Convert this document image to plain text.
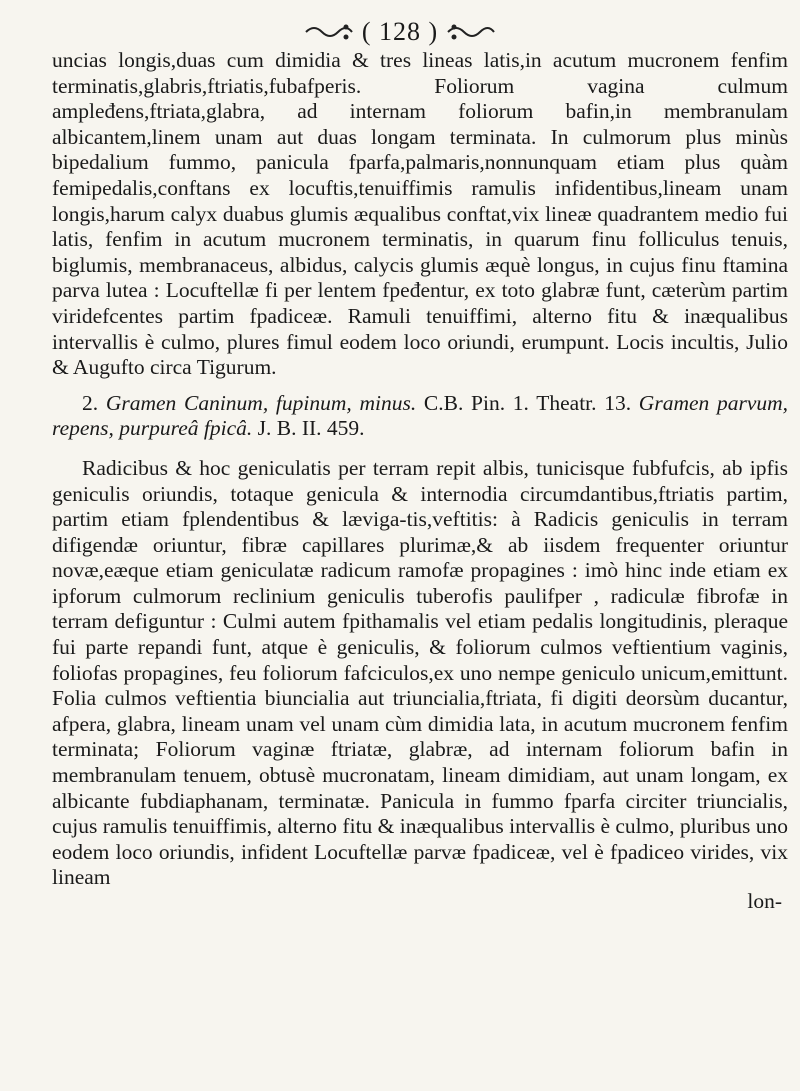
( 128 )

uncias longis,duas cum dimidia & tres lineas latis,in acutum mucronem fenfim terminatis,glabris,ftriatis,fubafperis. Foliorum vagina culmum ampleđens,ftriata,glabra, ad internam foliorum bafin,in membranulam albicantem,linem unam aut duas longam terminata. In culmorum plus minùs bipedalium fummo, panicula fparfa,palmaris,nonnunquam etiam plus quàm femipedalis,conftans ex locuftis,tenuiffimis ramulis infidentibus,lineam unam longis,harum calyx duabus glumis æqualibus conftat,vix lineæ quadrantem medio fui latis, fenfim in acutum mucronem terminatis, in quarum finu folliculus tenuis, biglumis, membranaceus, albidus, calycis glumis æquè longus, in cujus finu ftamina parva lutea : Locuftellæ fi per lentem fpeđentur, ex toto glabræ funt, cæterùm partim viridefcentes partim fpadiceæ. Ramuli tenuiffimi, alterno fitu & inæqualibus intervallis è culmo, plures fimul eodem loco oriundi, erumpunt. Locis incultis, Julio & Augufto circa Tigurum.

2. Gramen Caninum, fupinum, minus. C.B. Pin. 1. Theatr. 13. Gramen parvum, repens, purpureâ fpicâ. J. B. II. 459.

Radicibus & hoc geniculatis per terram repit albis, tunicisque fubfufcis, ab ipfis geniculis oriundis, totaque genicula & internodia circumdantibus,ftriatis partim, partim etiam fplendentibus & læviga-tis,veftitis: à Radicis geniculis in terram difigendæ oriuntur, fibræ capillares plurimæ,& ab iisdem frequenter oriuntur novæ,eæque etiam geniculatæ radicum ramofæ propagines : imò hinc inde etiam ex ipforum culmorum reclinium geniculis tuberofis paulifper , radiculæ fibrofæ in terram defiguntur : Culmi autem fpithamalis vel etiam pedalis longitudinis, pleraque fui parte repandi funt, atque è geniculis, & foliorum culmos veftientium vaginis, foliofas propagines, feu foliorum fafciculos,ex uno nempe geniculo unicum,emittunt. Folia culmos veftientia biuncialia aut triuncialia,ftriata, fi digiti deorsùm ducantur, afpera, glabra, lineam unam vel unam cùm dimidia lata, in acutum mucronem fenfim terminata; Foliorum vaginæ ftriatæ, glabræ, ad internam foliorum bafin in membranulam tenuem, obtusè mucronatam, lineam dimidiam, aut unam longam, ex albicante fubdiaphanam, terminatæ. Panicula in fummo fparfa circiter triuncialis, cujus ramulis tenuiffimis, alterno fitu & inæqualibus intervallis è culmo, pluribus uno eodem loco oriundis, infident Locuftellæ parvæ fpadiceæ, vel è fpadiceo virides, vix lineam

lon-
